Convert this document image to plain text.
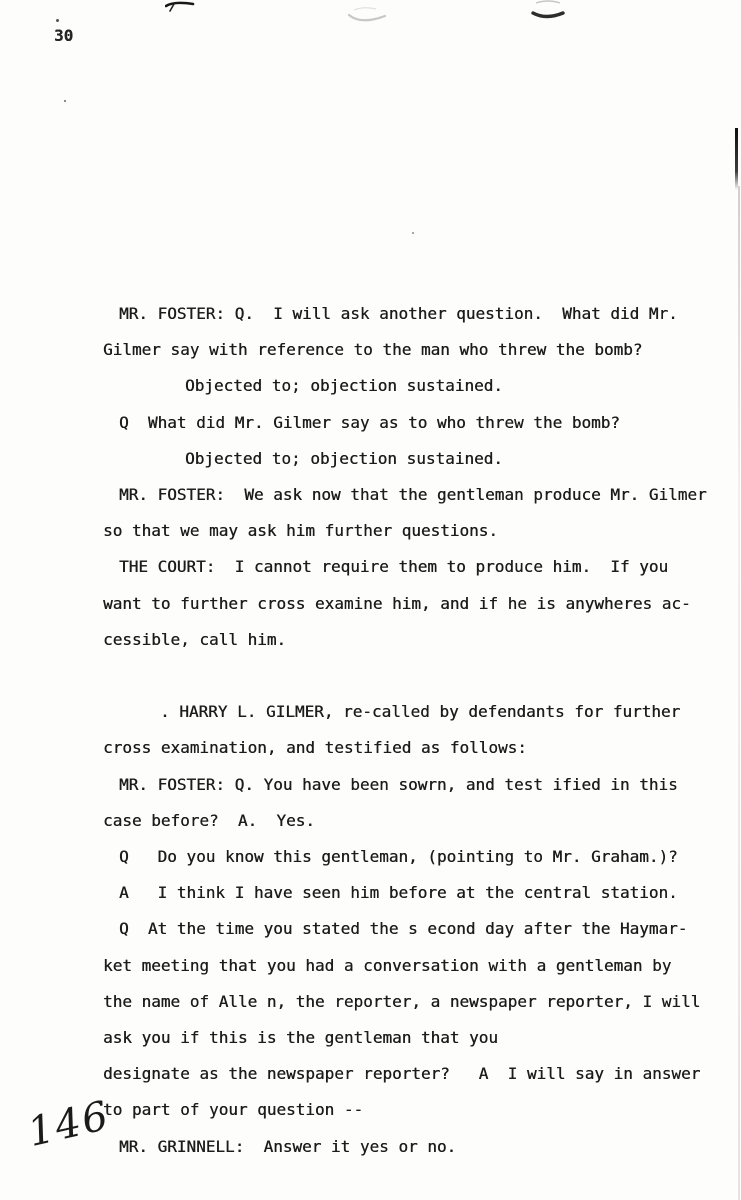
30
MR. FOSTER: Q.  I will ask another question.  What did Mr.
Gilmer say with reference to the man who threw the bomb?
Objected to; objection sustained.
Q  What did Mr. Gilmer say as to who threw the bomb?
Objected to; objection sustained.
MR. FOSTER:  We ask now that the gentleman produce Mr. Gilmer
so that we may ask him further questions.
THE COURT:  I cannot require them to produce him.  If you
want to further cross examine him, and if he is anywheres ac-
cessible, call him.
. HARRY L. GILMER, re-called by defendants for further
cross examination, and testified as follows:
MR. FOSTER: Q. You have been sowrn, and test ified in this
case before?  A.  Yes.
Q   Do you know this gentleman, (pointing to Mr. Graham.)?
A   I think I have seen him before at the central station.
Q  At the time you stated the s econd day after the Haymar-
ket meeting that you had a conversation with a gentleman by
the name of Alle n, the reporter, a newspaper reporter, I will
ask you if this is the gentleman that you
designate as the newspaper reporter?   A  I will say in answer
to part of your question --
MR. GRINNELL:  Answer it yes or no.
146
